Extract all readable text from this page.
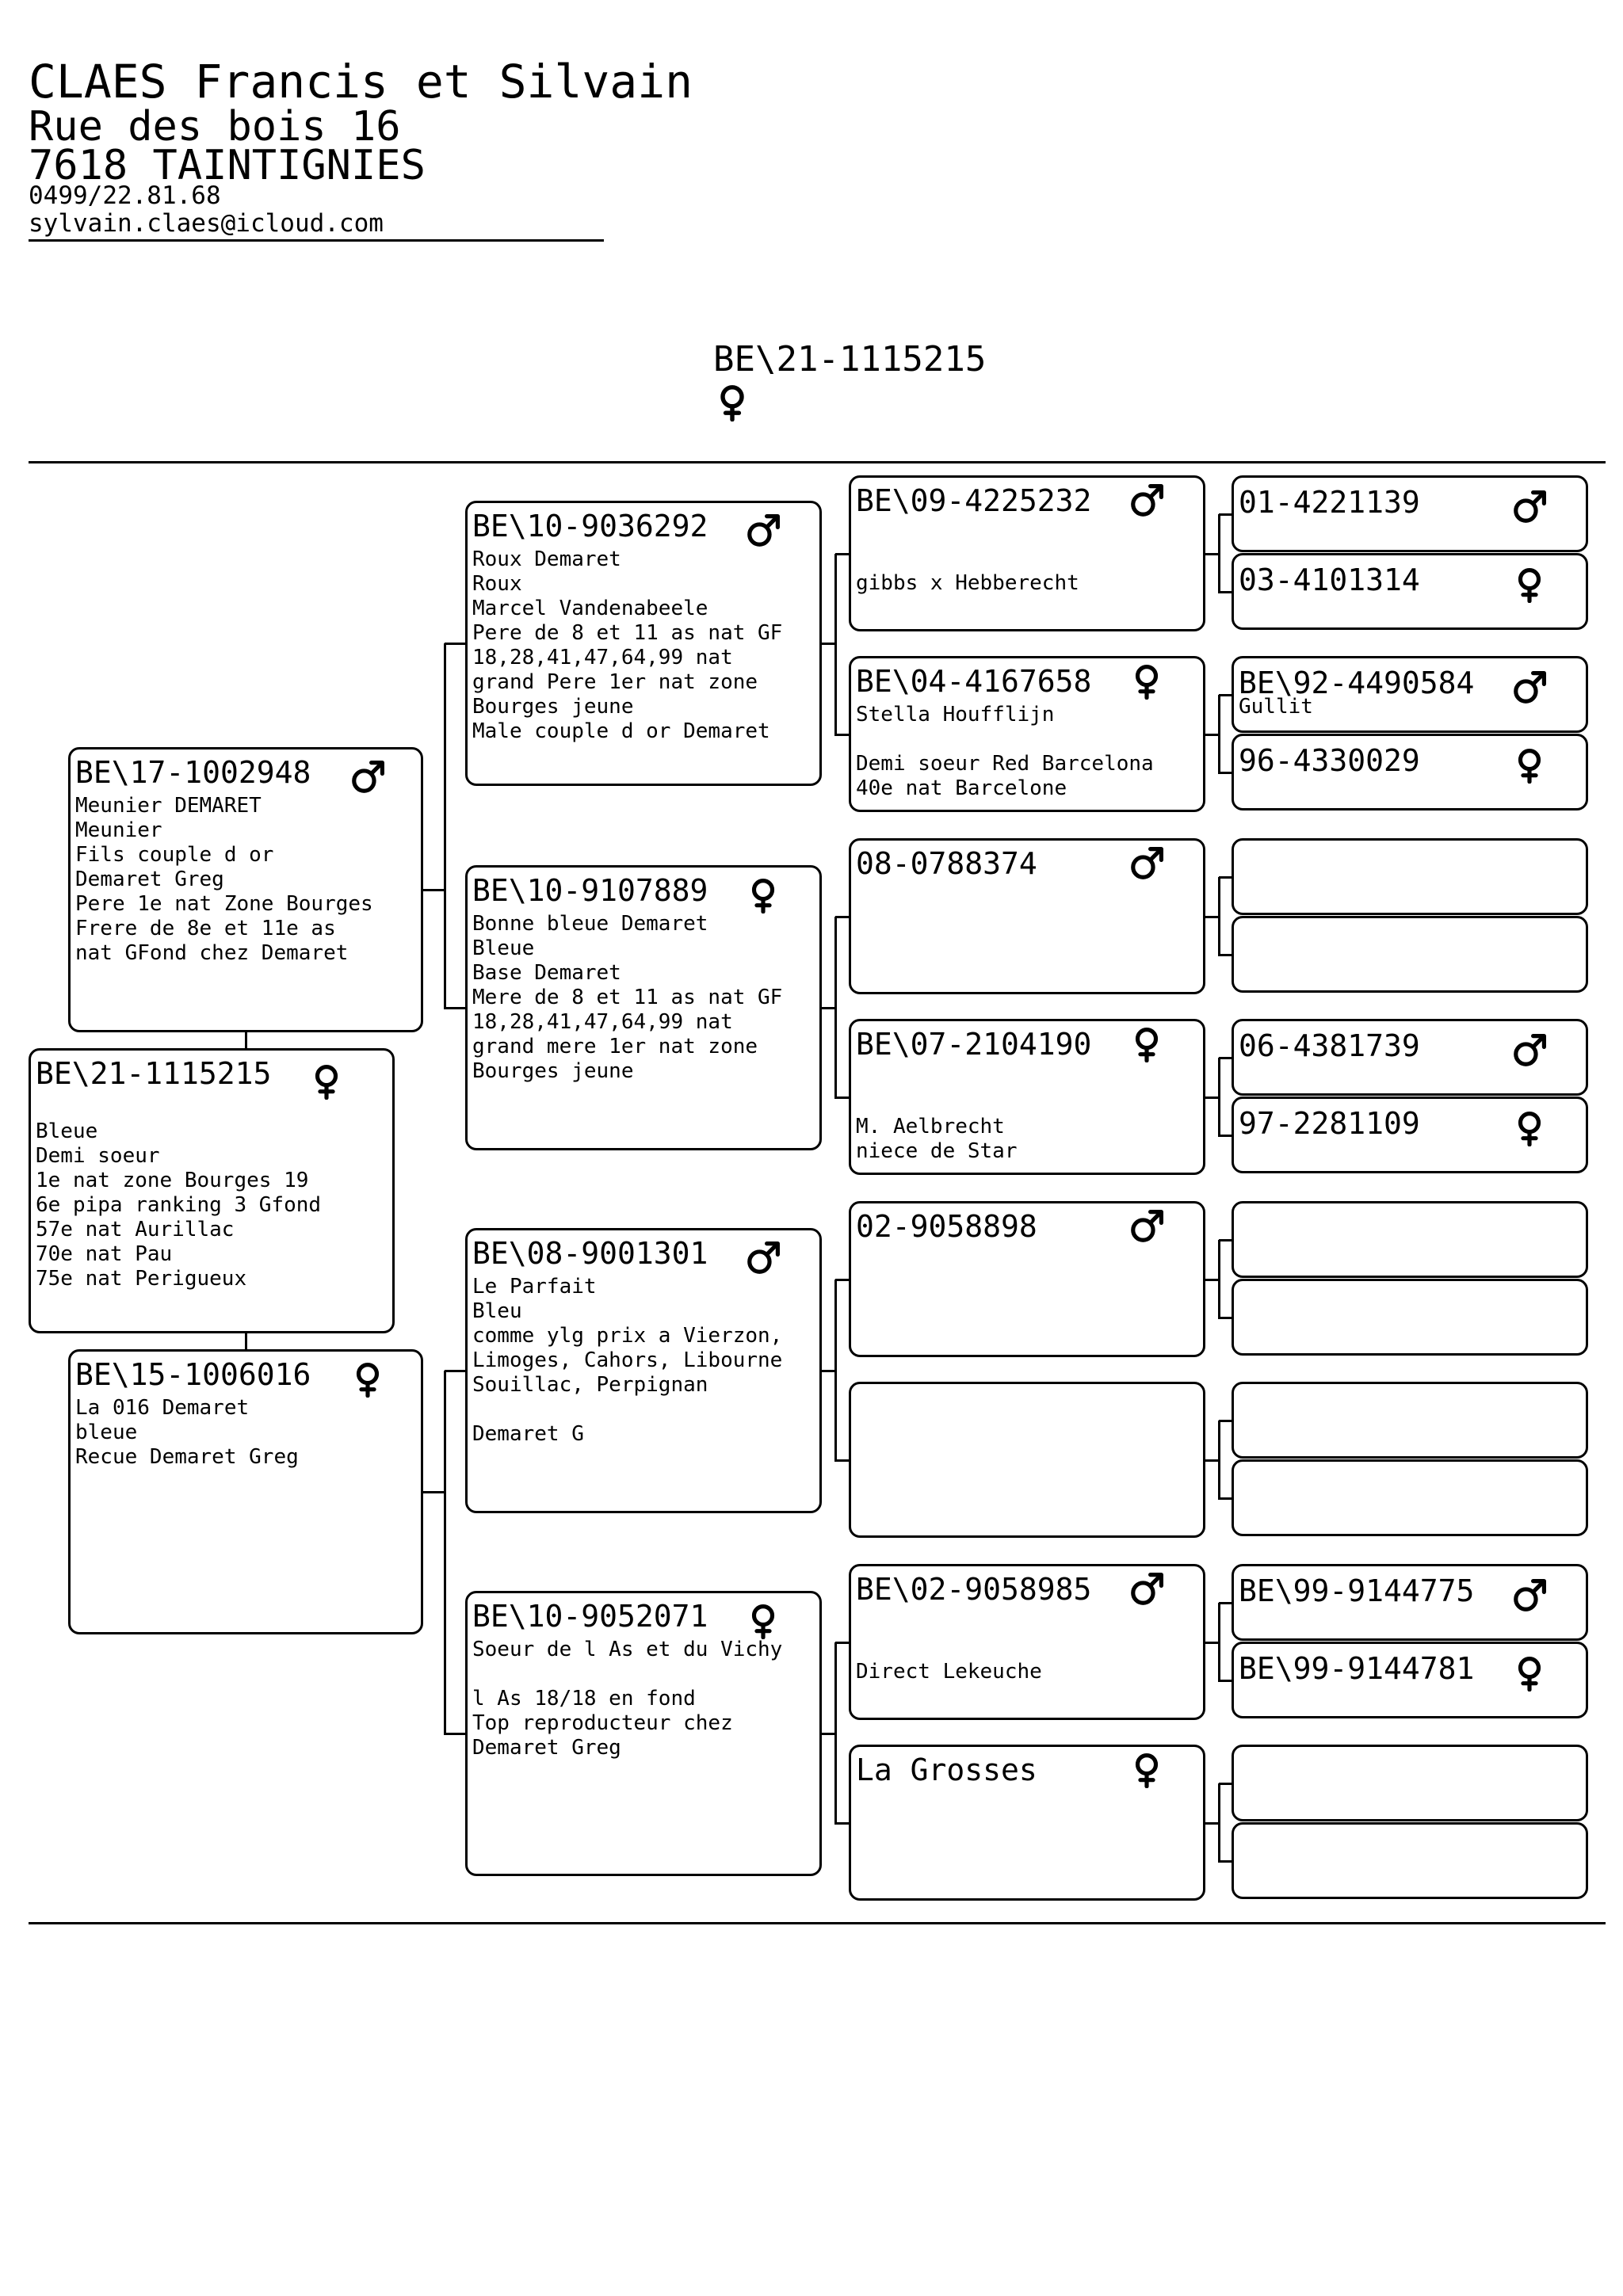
CLAES Francis et Silvain
Rue des bois 16
7618 TAINTIGNIES
0499/22.81.68
sylvain.claes@icloud.com
BE\21-1115215
BE\17-1002948
Meunier DEMARET
Meunier
Fils couple d or
Demaret Greg
Pere 1e nat Zone Bourges
Frere de 8e et 11e as
nat GFond chez Demaret
BE\21-1115215

Bleue
Demi soeur
1e nat zone Bourges 19
6e pipa ranking 3 Gfond
57e nat Aurillac
70e nat Pau
75e nat Perigueux
BE\15-1006016
La 016 Demaret
bleue
Recue Demaret Greg
BE\10-9036292
Roux Demaret
Roux
Marcel Vandenabeele
Pere de 8 et 11 as nat GF
18,28,41,47,64,99 nat
grand Pere 1er nat zone
Bourges jeune
Male couple d or Demaret
BE\10-9107889
Bonne bleue Demaret
Bleue
Base Demaret
Mere de 8 et 11 as nat GF
18,28,41,47,64,99 nat
grand mere 1er nat zone
Bourges jeune
BE\08-9001301
Le Parfait
Bleu
comme ylg prix a Vierzon,
Limoges, Cahors, Libourne
Souillac, Perpignan

Demaret G
BE\10-9052071
Soeur de l As et du Vichy

l As 18/18 en fond
Top reproducteur chez
Demaret Greg
BE\09-4225232

gibbs x Hebberecht
BE\04-4167658
Stella Houfflijn

Demi soeur Red Barcelona
40e nat Barcelone
08-0788374
BE\07-2104190

M. Aelbrecht
niece de Star
02-9058898
BE\02-9058985

Direct Lekeuche
La Grosses
01-4221139
03-4101314
BE\92-4490584
Gullit
96-4330029
06-4381739
97-2281109
BE\99-9144775
BE\99-9144781
